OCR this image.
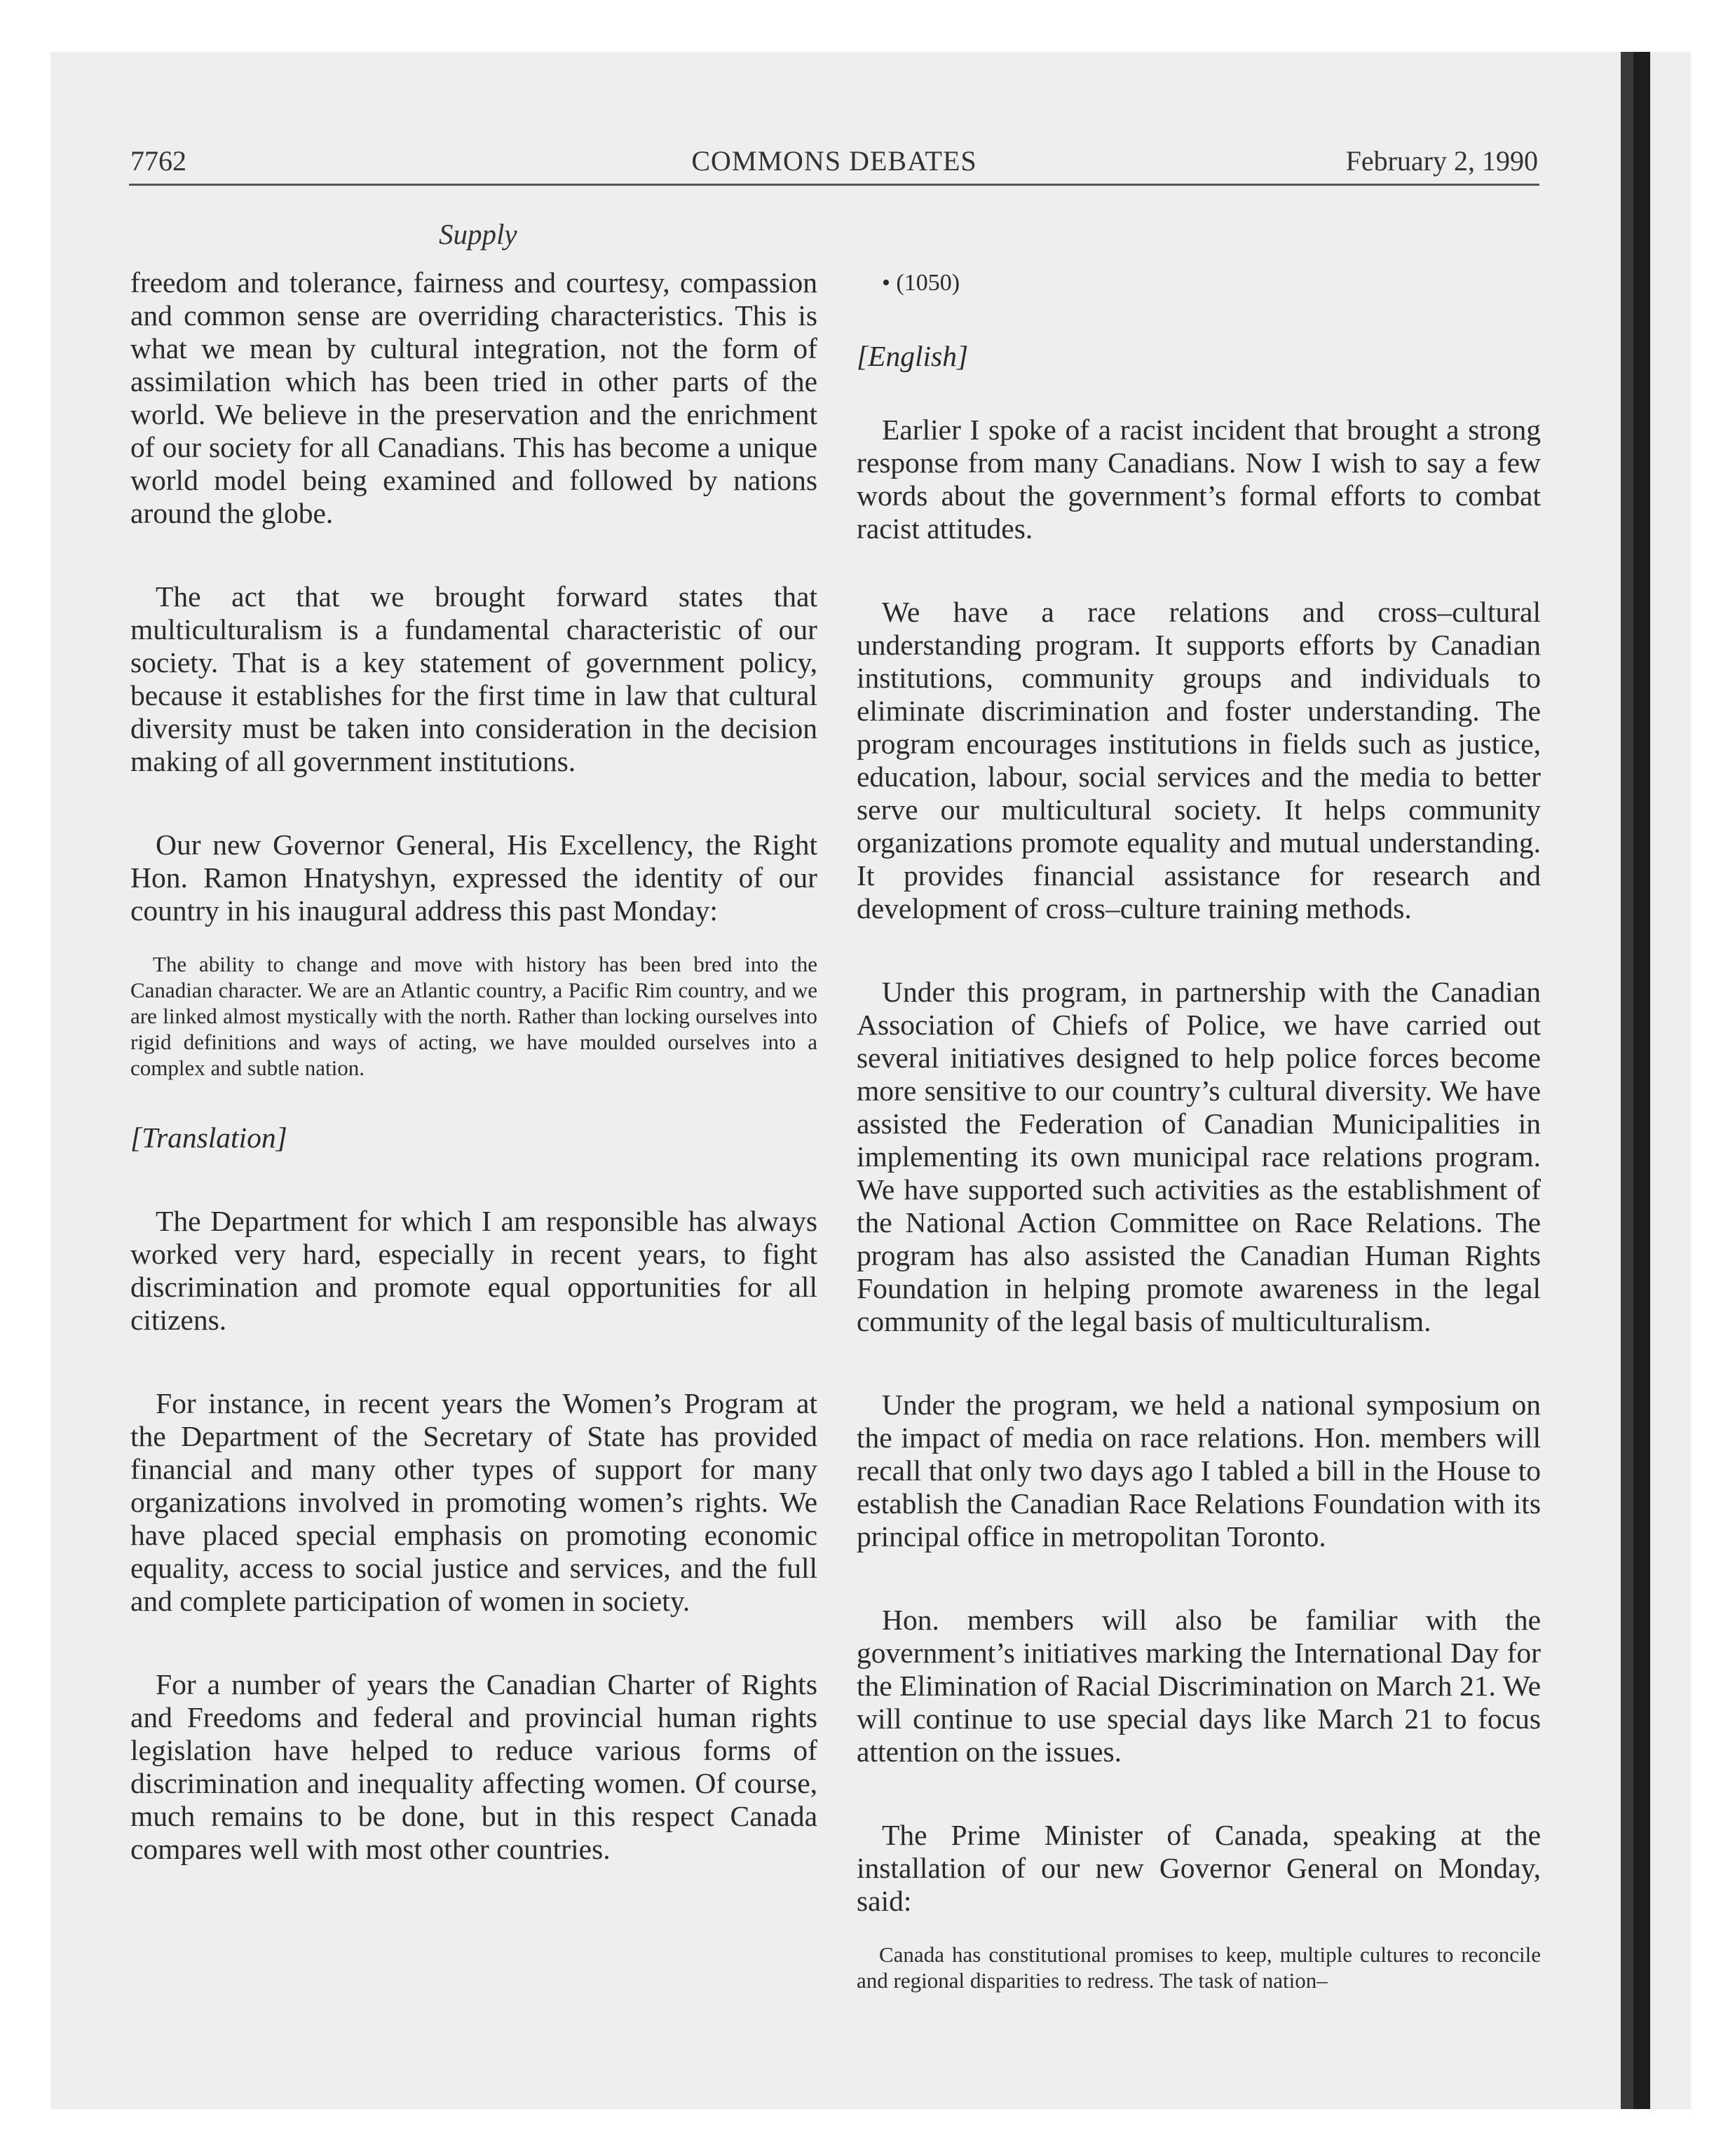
7762	COMMONS DEBATES	February 2, 1990
Supply

freedom and tolerance, fairness and courtesy, compassion and common sense are overriding characteristics. This is what we mean by cultural integration, not the form of assimilation which has been tried in other parts of the world. We believe in the preservation and the enrichment of our society for all Canadians. This has become a unique world model being examined and followed by nations around the globe.

The act that we brought forward states that multiculturalism is a fundamental characteristic of our society. That is a key statement of government policy, because it establishes for the first time in law that cultural diversity must be taken into consideration in the decision making of all government institutions.

Our new Governor General, His Excellency, the Right Hon. Ramon Hnatyshyn, expressed the identity of our country in his inaugural address this past Monday:

The ability to change and move with history has been bred into the Canadian character. We are an Atlantic country, a Pacific Rim country, and we are linked almost mystically with the north. Rather than locking ourselves into rigid definitions and ways of acting, we have moulded ourselves into a complex and subtle nation.

[Translation]

The Department for which I am responsible has always worked very hard, especially in recent years, to fight discrimination and promote equal opportunities for all citizens.

For instance, in recent years the Women’s Program at the Department of the Secretary of State has provided financial and many other types of support for many organizations involved in promoting women’s rights. We have placed special emphasis on promoting economic equality, access to social justice and services, and the full and complete participation of women in society.

For a number of years the Canadian Charter of Rights and Freedoms and federal and provincial human rights legislation have helped to reduce various forms of discrimination and inequality affecting women. Of course, much remains to be done, but in this respect Canada compares well with most other countries.

• (1050)

[English]

Earlier I spoke of a racist incident that brought a strong response from many Canadians. Now I wish to say a few words about the government’s formal efforts to combat racist attitudes.

We have a race relations and cross–cultural understanding program. It supports efforts by Canadian institutions, community groups and individuals to eliminate discrimination and foster understanding. The program encourages institutions in fields such as justice, education, labour, social services and the media to better serve our multicultural society. It helps community organizations promote equality and mutual understanding. It provides financial assistance for research and development of cross–culture training methods.

Under this program, in partnership with the Canadian Association of Chiefs of Police, we have carried out several initiatives designed to help police forces become more sensitive to our country’s cultural diversity. We have assisted the Federation of Canadian Municipalities in implementing its own municipal race relations program. We have supported such activities as the establishment of the National Action Committee on Race Relations. The program has also assisted the Canadian Human Rights Foundation in helping promote awareness in the legal community of the legal basis of multiculturalism.

Under the program, we held a national symposium on the impact of media on race relations. Hon. members will recall that only two days ago I tabled a bill in the House to establish the Canadian Race Relations Foundation with its principal office in metropolitan Toronto.

Hon. members will also be familiar with the government’s initiatives marking the International Day for the Elimination of Racial Discrimination on March 21. We will continue to use special days like March 21 to focus attention on the issues.

The Prime Minister of Canada, speaking at the installation of our new Governor General on Monday, said:

Canada has constitutional promises to keep, multiple cultures to reconcile and regional disparities to redress. The task of nation–
